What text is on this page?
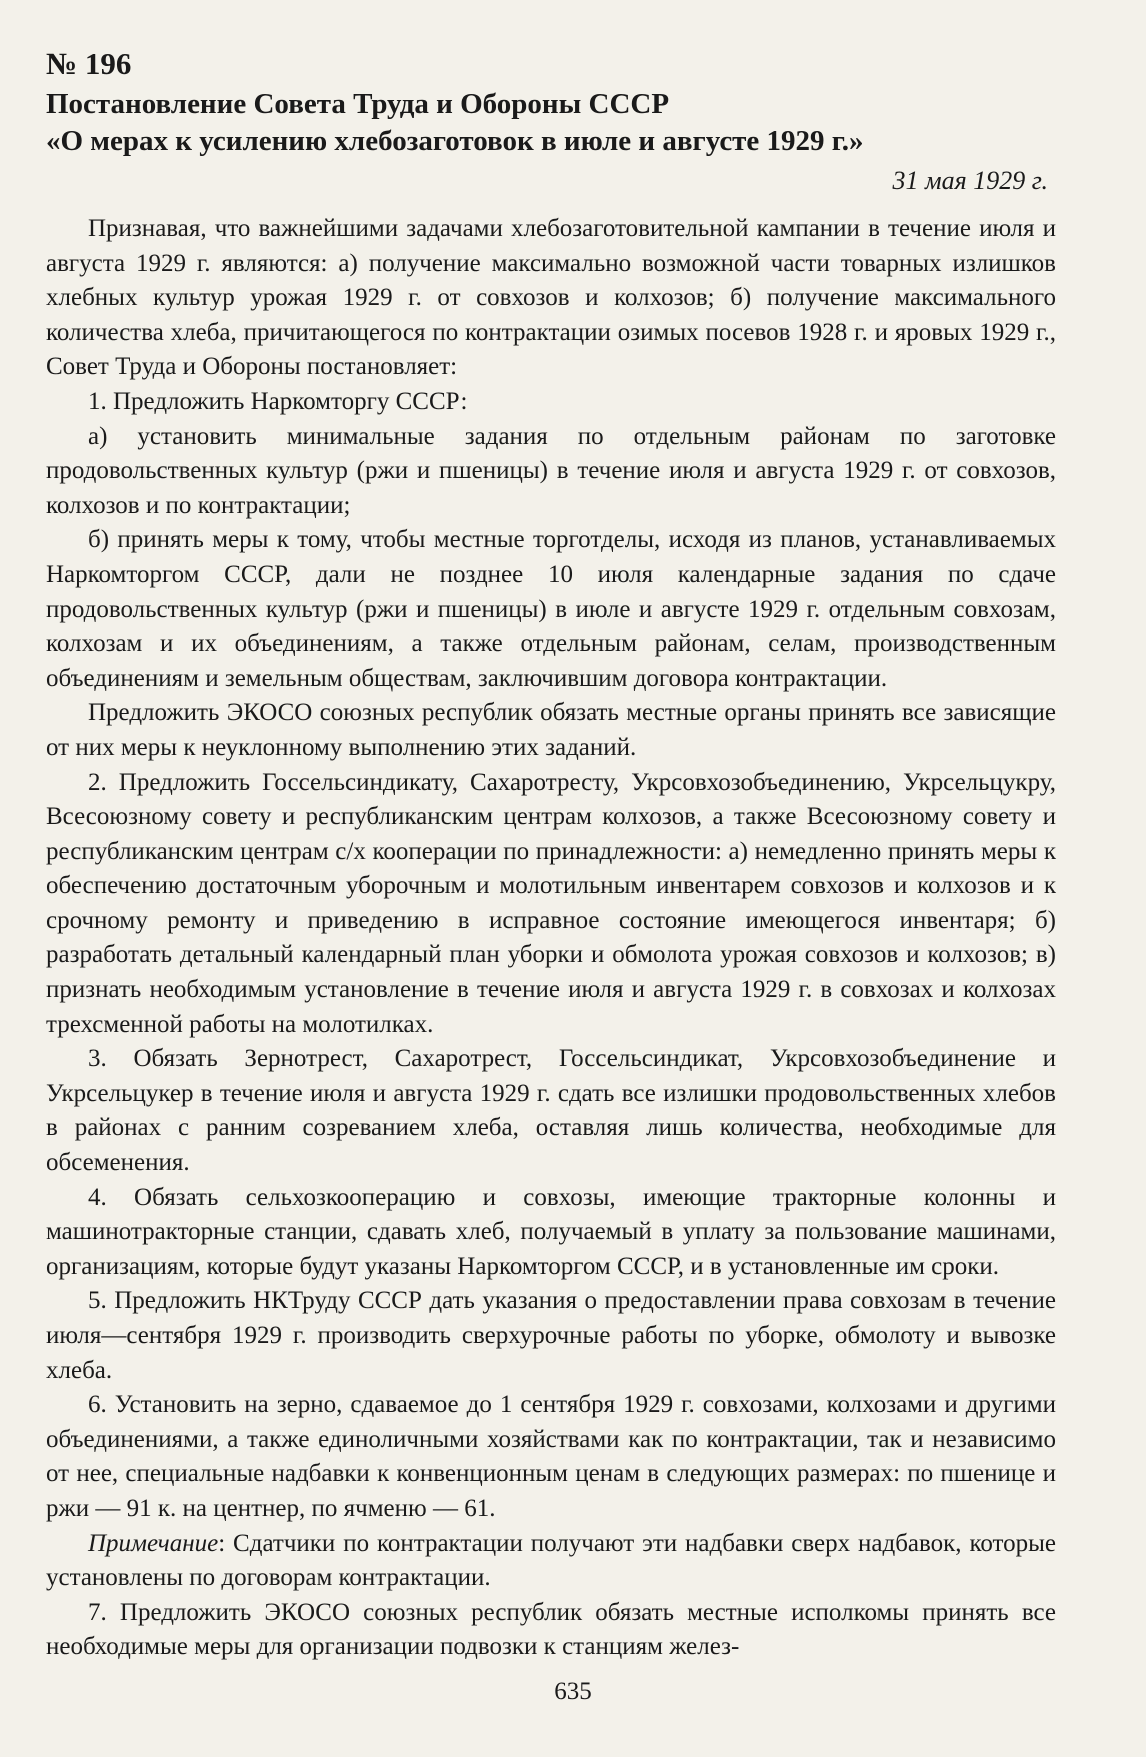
№ 196
Постановление Совета Труда и Обороны СССР
«О мерах к усилению хлебозаготовок в июле и августе 1929 г.»
31 мая 1929 г.

Признавая, что важнейшими задачами хлебозаготовительной кампании в течение июля и августа 1929 г. являются: а) получение максимально возможной части товарных излишков хлебных культур урожая 1929 г. от совхозов и колхозов; б) получение максимального количества хлеба, причитающегося по контрактации озимых посевов 1928 г. и яровых 1929 г., Совет Труда и Обороны постановляет:

1. Предложить Наркомторгу СССР:

а) установить минимальные задания по отдельным районам по заготовке продовольственных культур (ржи и пшеницы) в течение июля и августа 1929 г. от совхозов, колхозов и по контрактации;

б) принять меры к тому, чтобы местные торготделы, исходя из планов, устанавливаемых Наркомторгом СССР, дали не позднее 10 июля календарные задания по сдаче продовольственных культур (ржи и пшеницы) в июле и августе 1929 г. отдельным совхозам, колхозам и их объединениям, а также отдельным районам, селам, производственным объединениям и земельным обществам, заключившим договора контрактации.

Предложить ЭКОСО союзных республик обязать местные органы принять все зависящие от них меры к неуклонному выполнению этих заданий.

2. Предложить Госсельсиндикату, Сахаротресту, Укрсовхозобъединению, Укрсельцукру, Всесоюзному совету и республиканским центрам колхозов, а также Всесоюзному совету и республиканским центрам с/х кооперации по принадлежности: а) немедленно принять меры к обеспечению достаточным уборочным и молотильным инвентарем совхозов и колхозов и к срочному ремонту и приведению в исправное состояние имеющегося инвентаря; б) разработать детальный календарный план уборки и обмолота урожая совхозов и колхозов; в) признать необходимым установление в течение июля и августа 1929 г. в совхозах и колхозах трехсменной работы на молотилках.

3. Обязать Зернотрест, Сахаротрест, Госсельсиндикат, Укрсовхозобъединение и Укрсельцукер в течение июля и августа 1929 г. сдать все излишки продовольственных хлебов в районах с ранним созреванием хлеба, оставляя лишь количества, необходимые для обсеменения.

4. Обязать сельхозкооперацию и совхозы, имеющие тракторные колонны и машинотракторные станции, сдавать хлеб, получаемый в уплату за пользование машинами, организациям, которые будут указаны Наркомторгом СССР, и в установленные им сроки.

5. Предложить НКТруду СССР дать указания о предоставлении права совхозам в течение июля—сентября 1929 г. производить сверхурочные работы по уборке, обмолоту и вывозке хлеба.

6. Установить на зерно, сдаваемое до 1 сентября 1929 г. совхозами, колхозами и другими объединениями, а также единоличными хозяйствами как по контрактации, так и независимо от нее, специальные надбавки к конвенционным ценам в следующих размерах: по пшенице и ржи — 91 к. на центнер, по ячменю — 61.

Примечание: Сдатчики по контрактации получают эти надбавки сверх надбавок, которые установлены по договорам контрактации.

7. Предложить ЭКОСО союзных республик обязать местные исполкомы принять все необходимые меры для организации подвозки к станциям желез-

635
